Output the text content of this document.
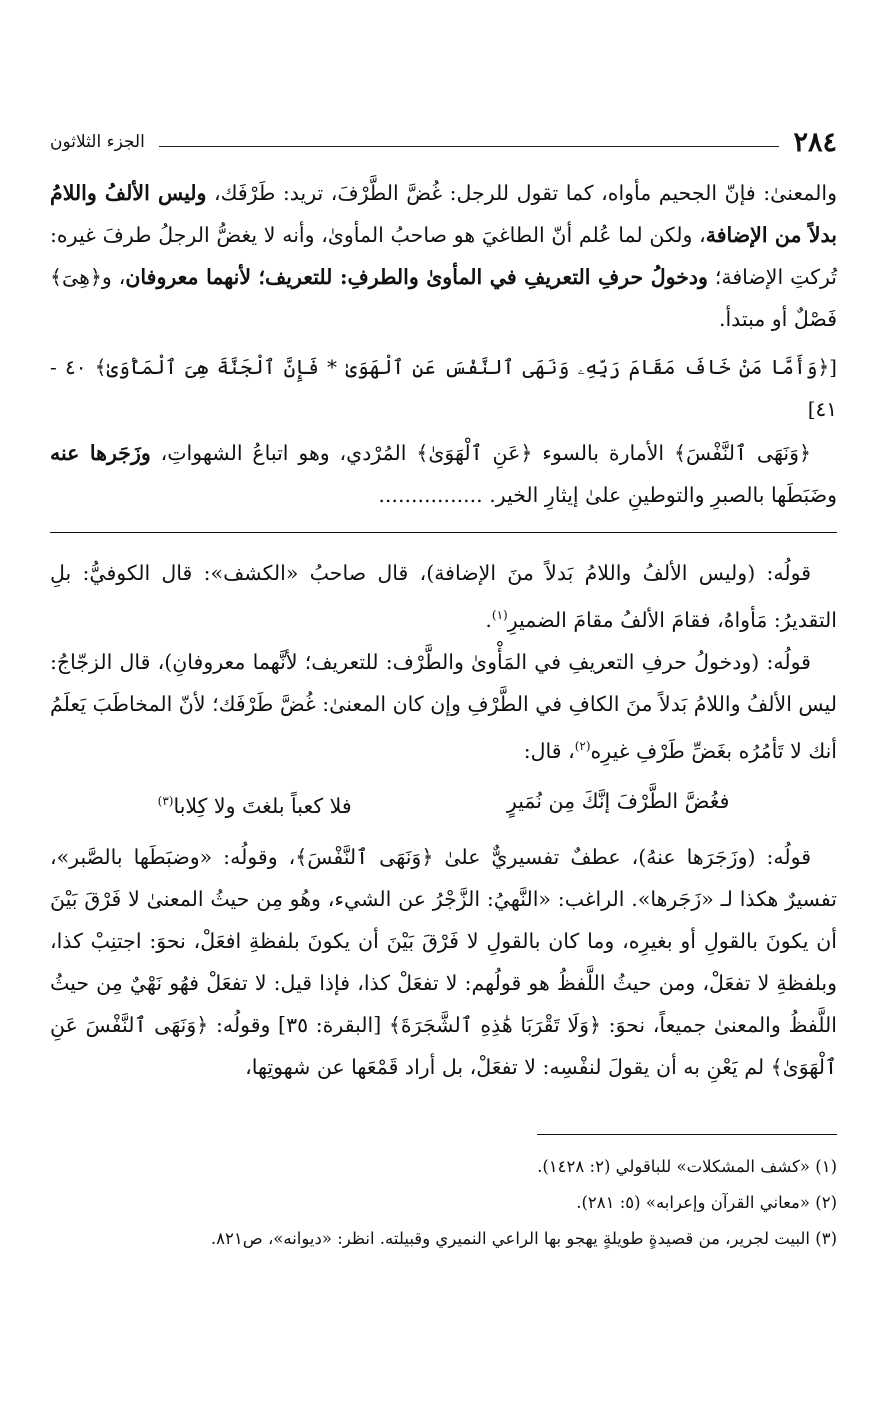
٢٨٤
الجزء الثلاثون

والمعنىٰ: فإنّ الجحيم مأواه، كما تقول للرجل: غُضَّ الطَّرْفَ، تريد: طَرْفَك، وليس الألفُ واللامُ بدلاً من الإضافة، ولكن لما عُلم أنّ الطاغيَ هو صاحبُ المأوىٰ، وأنه لا يغضُّ الرجلُ طرفَ غيره: تُركتِ الإضافة؛ ودخولُ حرفِ التعريفِ في المأوىٰ والطرفِ: للتعريف؛ لأنهما معروفان، و﴿هِىَ﴾ فَصْلٌ أو مبتدأ.

[﴿وَأَمَّا مَنْ خَافَ مَقَامَ رَبِّهِۦ وَنَهَى ٱلنَّفْسَ عَنِ ٱلْهَوَىٰ * فَإِنَّ ٱلْجَنَّةَ هِىَ ٱلْمَأْوَىٰ﴾ ٤٠ - ٤١]

﴿وَنَهَى ٱلنَّفْسَ﴾ الأمارة بالسوء ﴿عَنِ ٱلْهَوَىٰ﴾ المُرْدي، وهو اتباعُ الشهواتِ، وزَجَرها عنه وضَبَطَها بالصبرِ والتوطينِ علىٰ إيثارِ الخير. ................

قولُه: (وليس الألفُ واللامُ بَدلاً منَ الإضافة)، قال صاحبُ «الكشف»: قال الكوفيُّ: بلِ التقديرُ: مَأواهُ، فقامَ الألفُ مقامَ الضميرِ$^{(١)}$.

قولُه: (ودخولُ حرفِ التعريفِ في المَأْوىٰ والطَّرْف: للتعريف؛ لأنَّهما معروفانِ)، قال الزجّاجُ: ليس الألفُ واللامُ بَدلاً منَ الكافِ في الطَّرْفِ وإن كان المعنىٰ: غُضَّ طَرْفَك؛ لأنّ المخاطَبَ يَعلَمُ أنك لا تَأمُرُه بغَضِّ طَرْفِ غيرِه$^{(٢)}$، قال:

فغُضَّ الطَّرْفَ إنَّكَ مِن نُمَيرٍ
فلا كعباً بلغتَ ولا كِلابا$^{(٣)}$

قولُه: (وزَجَرَها عنهُ)، عطفٌ تفسيريٌّ علىٰ ﴿وَنَهَى ٱلنَّفْسَ﴾، وقولُه: «وضبَطَها بالصَّبر»، تفسيرٌ هكذا لـ «زَجَرها». الراغب: «النَّهيُ: الزَّجْرُ عن الشيء، وهُو مِن حيثُ المعنىٰ لا فَرْقَ بَيْنَ أن يكونَ بالقولِ أو بغيرِه، وما كان بالقولِ لا فَرْقَ بَيْنَ أن يكونَ بلفظةِ افعَلْ، نحوَ: اجتنِبْ كذا، وبلفظةِ لا تفعَلْ، ومن حيثُ اللَّفظُ هو قولُهم: لا تفعَلْ كذا، فإذا قيل: لا تفعَلْ فهُو نَهْيٌ مِن حيثُ اللَّفظُ والمعنىٰ جميعاً، نحوَ: ﴿وَلَا تَقْرَبَا هَٰذِهِ ٱلشَّجَرَةَ﴾ [البقرة: ٣٥] وقولُه: ﴿وَنَهَى ٱلنَّفْسَ عَنِ ٱلْهَوَىٰ﴾ لم يَعْنِ به أن يقولَ لنفْسِه: لا تفعَلْ، بل أراد قَمْعَها عن شهوتِها،

(١) «كشف المشكلات» للباقولي (٢: ١٤٢٨).

(٢) «معاني القرآن وإعرابه» (٥: ٢٨١).

(٣) البيت لجرير، من قصيدةٍ طويلةٍ يهجو بها الراعي النميري وقبيلته. انظر: «ديوانه»، ص٨٢١.
